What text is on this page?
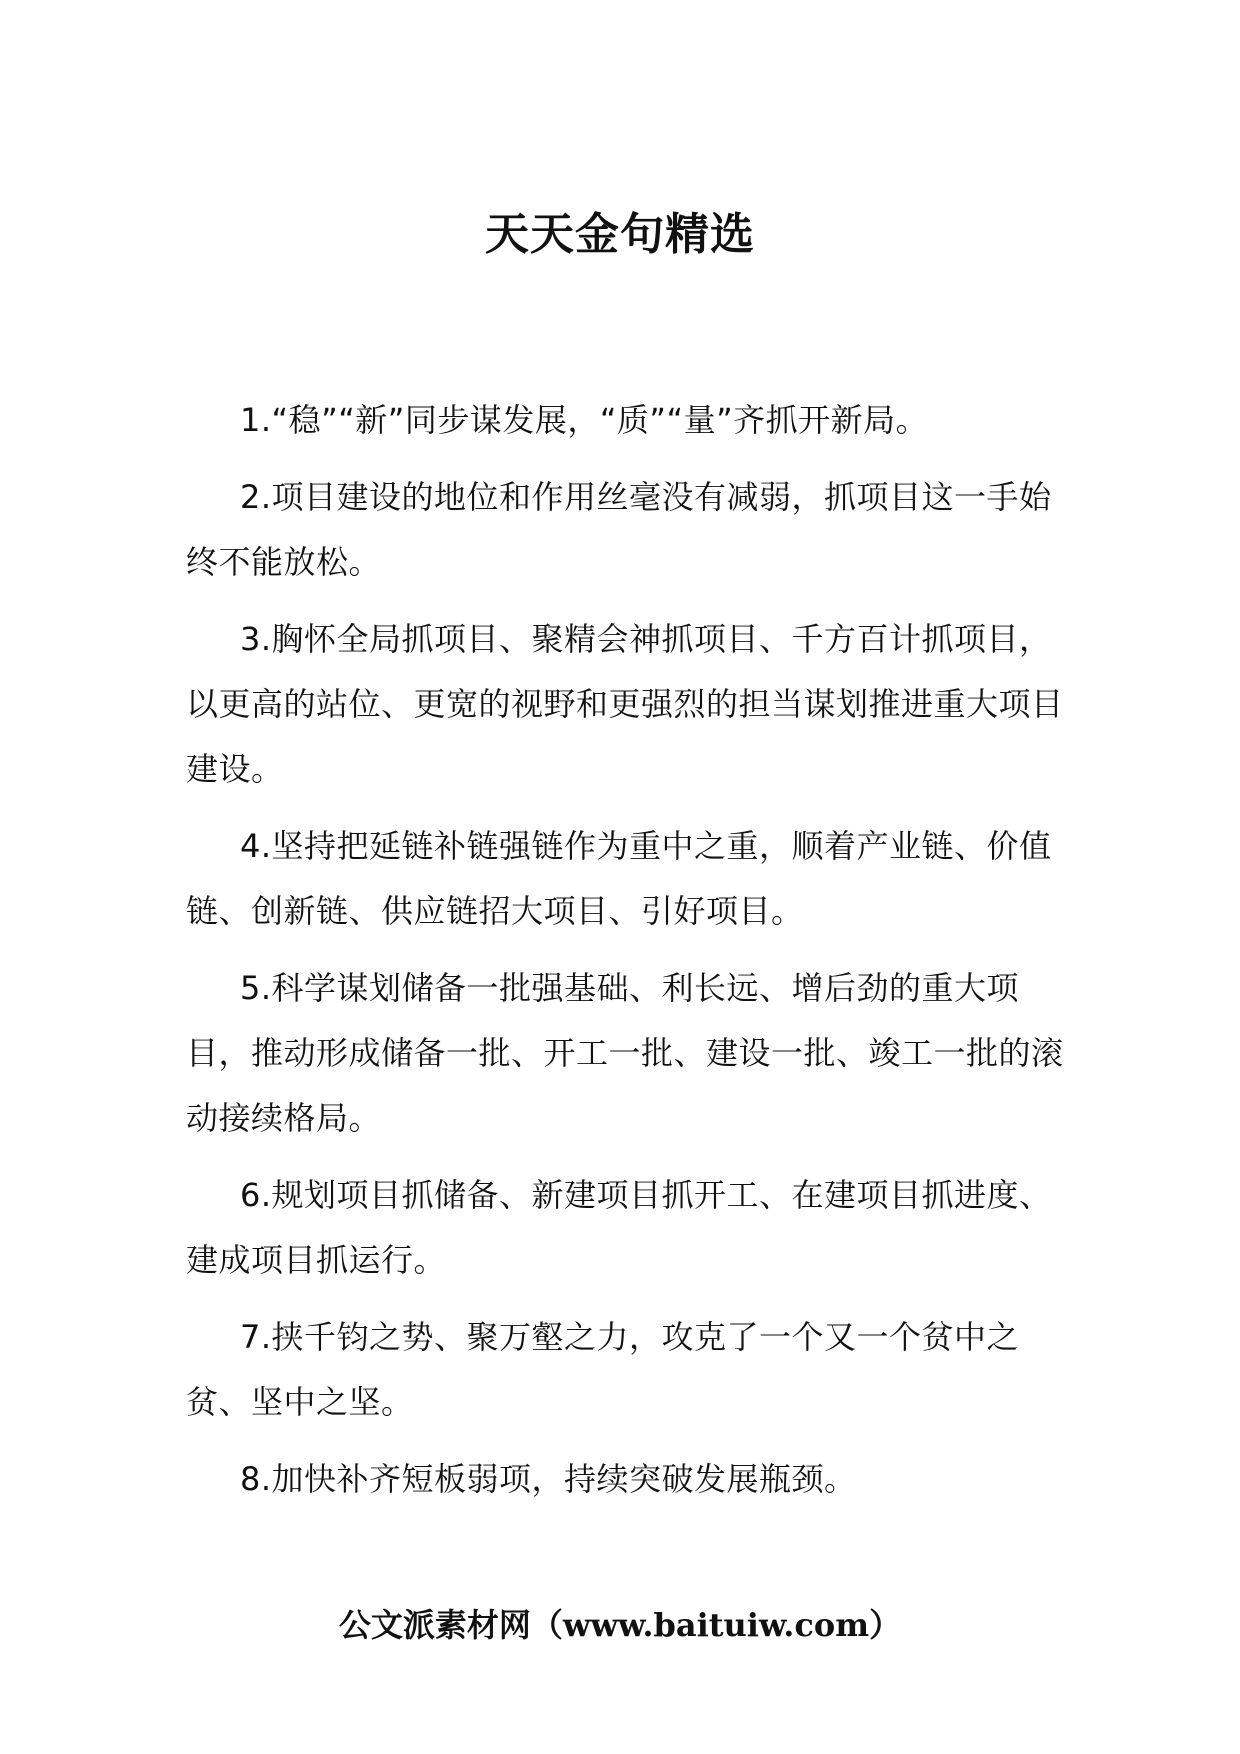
天天金句精选

1.“稳”“新”同步谋发展，“质”“量”齐抓开新局。

2.项目建设的地位和作用丝毫没有减弱，抓项目这一手始终不能放松。

3.胸怀全局抓项目、聚精会神抓项目、千方百计抓项目，以更高的站位、更宽的视野和更强烈的担当谋划推进重大项目建设。

4.坚持把延链补链强链作为重中之重，顺着产业链、价值链、创新链、供应链招大项目、引好项目。

5.科学谋划储备一批强基础、利长远、增后劲的重大项目，推动形成储备一批、开工一批、建设一批、竣工一批的滚动接续格局。

6.规划项目抓储备、新建项目抓开工、在建项目抓进度、建成项目抓运行。

7.挟千钧之势、聚万壑之力，攻克了一个又一个贫中之贫、坚中之坚。

8.加快补齐短板弱项，持续突破发展瓶颈。

公文派素材网（www.baituiw.com）
